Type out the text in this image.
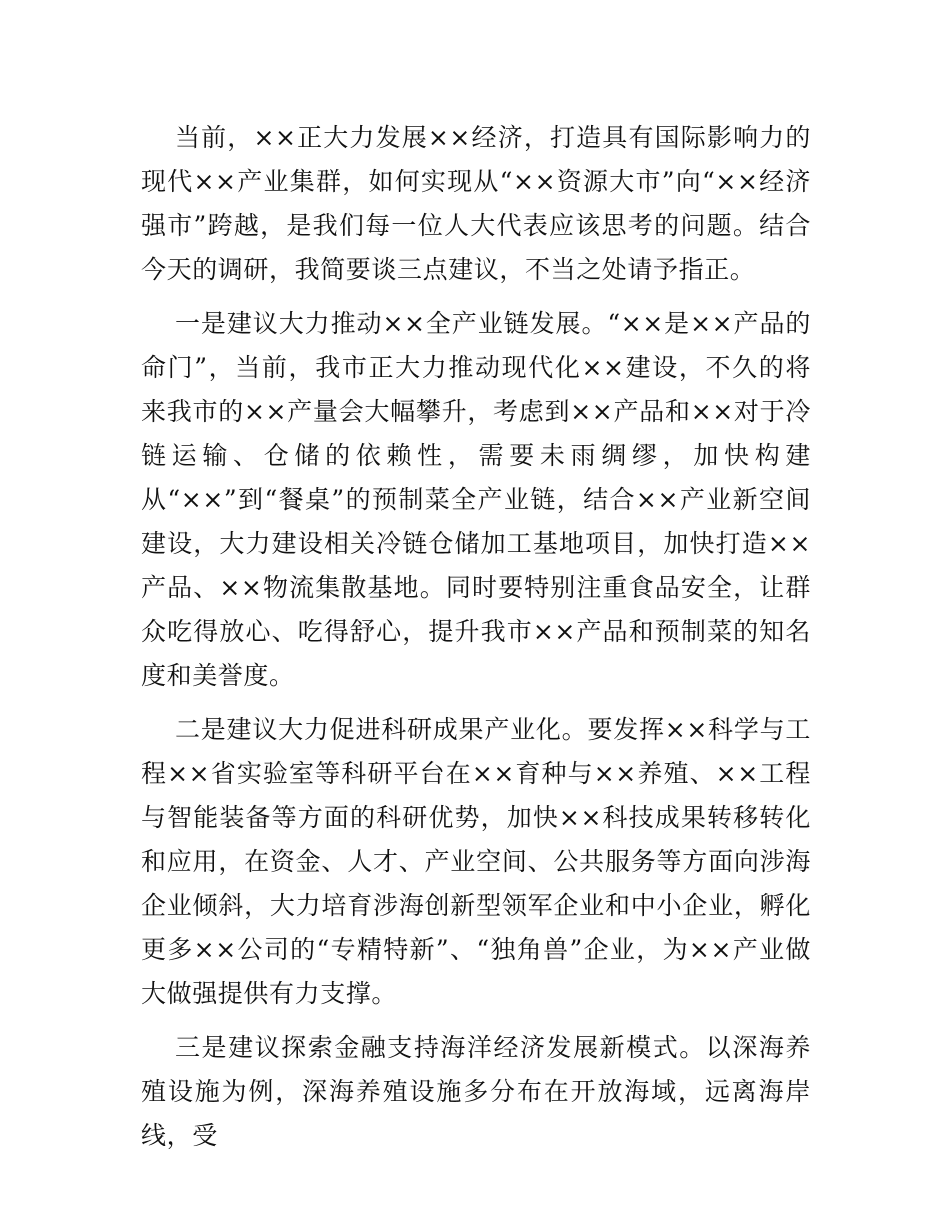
当前，××正大力发展××经济，打造具有国际影响力的现代××产业集群，如何实现从“××资源大市”向“××经济强市”跨越，是我们每一位人大代表应该思考的问题。结合今天的调研，我简要谈三点建议，不当之处请予指正。

一是建议大力推动××全产业链发展。“××是××产品的命门”，当前，我市正大力推动现代化××建设，不久的将来我市的××产量会大幅攀升，考虑到××产品和××对于冷链运输、仓储的依赖性，需要未雨绸缪，加快构建从“××”到“餐桌”的预制菜全产业链，结合××产业新空间建设，大力建设相关冷链仓储加工基地项目，加快打造××产品、××物流集散基地。同时要特别注重食品安全，让群众吃得放心、吃得舒心，提升我市××产品和预制菜的知名度和美誉度。

二是建议大力促进科研成果产业化。要发挥××科学与工程××省实验室等科研平台在××育种与××养殖、××工程与智能装备等方面的科研优势，加快××科技成果转移转化和应用，在资金、人才、产业空间、公共服务等方面向涉海企业倾斜，大力培育涉海创新型领军企业和中小企业，孵化更多××公司的“专精特新”、“独角兽”企业，为××产业做大做强提供有力支撑。

三是建议探索金融支持海洋经济发展新模式。以深海养殖设施为例，深海养殖设施多分布在开放海域，远离海岸线，受
